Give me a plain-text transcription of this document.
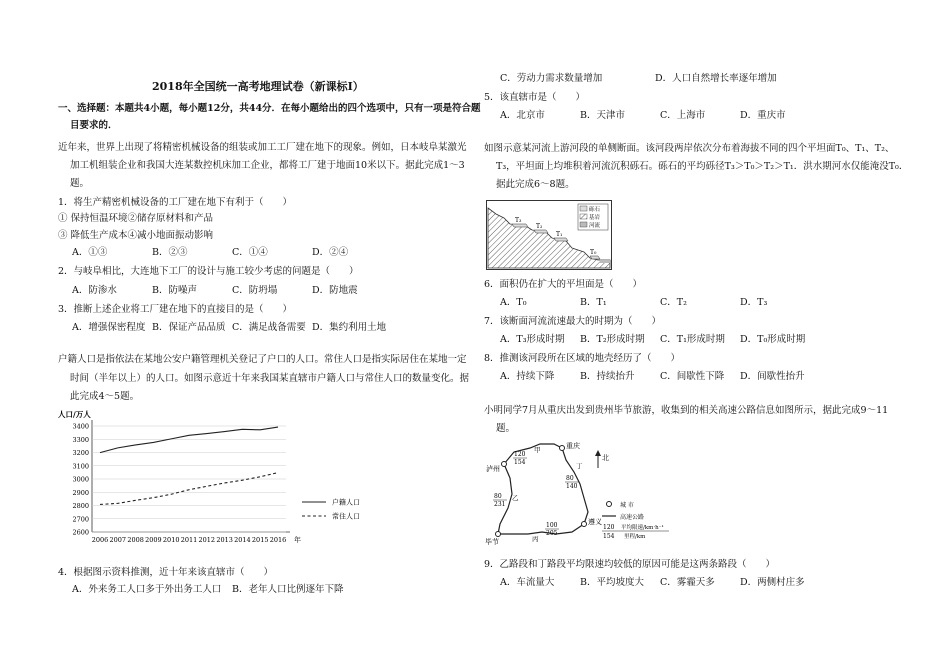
2018年全国统一高考地理试卷（新课标Ⅰ）

一、选择题：本题共4小题，每小题12分，共44分．在每小题给出的四个选项中，只有一项是符合题

目要求的．

近年来，世界上出现了将精密机械设备的组装或加工工厂建在地下的现象。例如，日本岐阜某激光

加工机组装企业和我国大连某数控机床加工企业，都将工厂建于地面10米以下。据此完成1～3

题。

1．将生产精密机械设备的工厂建在地下有利于（　　）

① 保持恒温环境②储存原材料和产品

③ 降低生产成本④减小地面振动影响

A．①③	B．②③	C．①④	D．②④

2．与岐阜相比，大连地下工厂的设计与施工较少考虑的问题是（　　）

A．防渗水	B．防噪声	C．防坍塌	D．防地震

3．推断上述企业将工厂建在地下的直接目的是（　　）

A．增强保密程度 B．保证产品品质 C．满足战备需要 D．集约利用土地

户籍人口是指依法在某地公安户籍管理机关登记了户口的人口。常住人口是指实际居住在某地一定

时间（半年以上）的人口。如图示意近十年来我国某直辖市户籍人口与常住人口的数量变化。据

此完成4～5题。

人口/万人
2600
2700
2800
2900
3000
3100
3200
3300
3400
2006 2007 2008 2009 2010 2011 2012 2013 2014 2015 2016 年
户籍人口
常住人口

4．根据图示资料推测，近十年来该直辖市（　　）

A．外来务工人口多于外出务工人口 B．老年人口比例逐年下降

C．劳动力需求数量增加	D．人口自然增长率逐年增加

5．该直辖市是（　　）

A．北京市	B．天津市	C．上海市	D．重庆市

如图示意某河流上游河段的单侧断面。该河段两岸依次分布着海拔不同的四个平坦面T₀、T₁、T₂、

T₃，平坦面上均堆积着河流沉积砾石。砾石的平均砾径T₃＞T₀＞T₂＞T₁．洪水期河水仅能淹没T₀．

据此完成6～8题。

T₃
T₂
T₁
T₀
砾石
基岩
河流

6．面积仍在扩大的平坦面是（　　）

A．T₀	B．T₁	C．T₂	D．T₃

7．该断面河流流速最大的时期为（　　）

A．T₃形成时期 B．T₂形成时期 C．T₁形成时期 D．T₀形成时期

8．推测该河段所在区域的地壳经历了（　　）

A．持续下降	B．持续抬升	C．间歇性下降 D．间歇性抬升

小明同学7月从重庆出发到贵州毕节旅游，收集到的相关高速公路信息如图所示，据此完成9～11

题。

重庆
泸州
毕节
遵义
甲
乙
丙
丁
120
154
80
231
100
205
80
140
北
城 市
高速公路
120
154
平均限速/km·h⁻¹
里程/km

9．乙路段和丁路段平均限速均较低的原因可能是这两条路段（　　）

A．车流量大	B．平均坡度大 C．雾霾天多	D．两侧村庄多
